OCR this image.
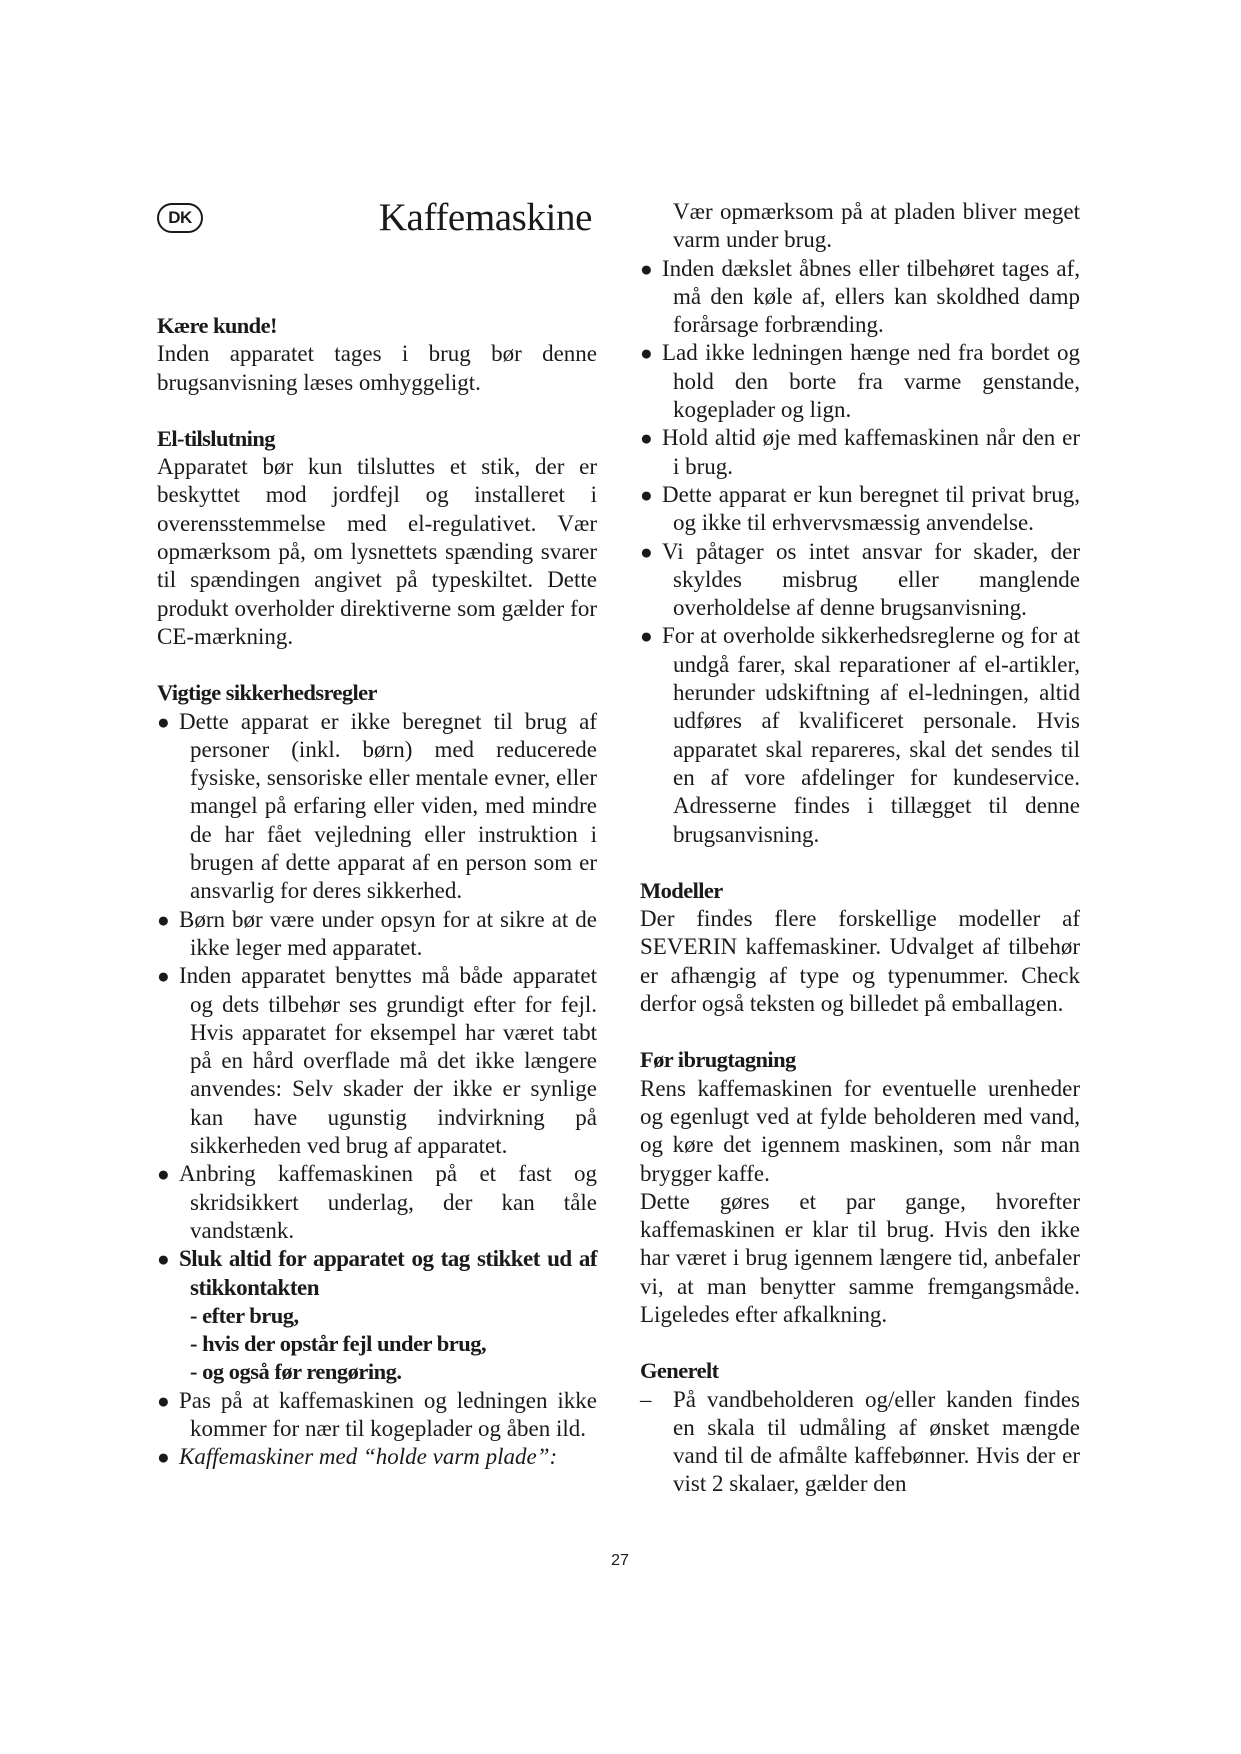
DK	Kaffemaskine

Kære kunde!

Inden apparatet tages i brug bør denne brugsanvisning læses omhyggeligt.

El-tilslutning

Apparatet bør kun tilsluttes et stik, der er beskyttet mod jordfejl og installeret i overensstemmelse med el-regulativet. Vær opmærksom på, om lysnettets spænding svarer til spændingen angivet på typeskiltet. Dette produkt overholder direktiverne som gælder for CE-mærkning.

Vigtige sikkerhedsregler

● Dette apparat er ikke beregnet til brug af personer (inkl. børn) med reducerede fysiske, sensoriske eller mentale evner, eller mangel på erfaring eller viden, med mindre de har fået vejledning eller instruktion i brugen af dette apparat af en person som er ansvarlig for deres sikkerhed.

● Børn bør være under opsyn for at sikre at de ikke leger med apparatet.

● Inden apparatet benyttes må både apparatet og dets tilbehør ses grundigt efter for fejl. Hvis apparatet for eksempel har været tabt på en hård overflade må det ikke længere anvendes: Selv skader der ikke er synlige kan have ugunstig indvirkning på sikkerheden ved brug af apparatet.

● Anbring kaffemaskinen på et fast og skridsikkert underlag, der kan tåle vandstænk.

● Sluk altid for apparatet og tag stikket ud af stikkontakten

- efter brug,

- hvis der opstår fejl under brug,

- og også før rengøring.

● Pas på at kaffemaskinen og ledningen ikke kommer for nær til kogeplader og åben ild.

● Kaffemaskiner med “holde varm plade”:

Vær opmærksom på at pladen bliver meget varm under brug.

● Inden dækslet åbnes eller tilbehøret tages af, må den køle af, ellers kan skoldhed damp forårsage forbrænding.

● Lad ikke ledningen hænge ned fra bordet og hold den borte fra varme genstande, kogeplader og lign.

● Hold altid øje med kaffemaskinen når den er i brug.

● Dette apparat er kun beregnet til privat brug, og ikke til erhvervsmæssig anvendelse.

● Vi påtager os intet ansvar for skader, der skyldes misbrug eller manglende overholdelse af denne brugsanvisning.

● For at overholde sikkerhedsreglerne og for at undgå farer, skal reparationer af el-artikler, herunder udskiftning af el-ledningen, altid udføres af kvalificeret personale. Hvis apparatet skal repareres, skal det sendes til en af vore afdelinger for kundeservice. Adresserne findes i tillægget til denne brugsanvisning.

Modeller

Der findes flere forskellige modeller af SEVERIN kaffemaskiner. Udvalget af tilbehør er afhængig af type og typenummer. Check derfor også teksten og billedet på emballagen.

Før ibrugtagning

Rens kaffemaskinen for eventuelle urenheder og egenlugt ved at fylde beholderen med vand, og køre det igennem maskinen, som når man brygger kaffe.

Dette gøres et par gange, hvorefter kaffemaskinen er klar til brug. Hvis den ikke har været i brug igennem længere tid, anbefaler vi, at man benytter samme fremgangsmåde. Ligeledes efter afkalkning.

Generelt

– På vandbeholderen og/eller kanden findes en skala til udmåling af ønsket mængde vand til de afmålte kaffebønner. Hvis der er vist 2 skalaer, gælder den

27
